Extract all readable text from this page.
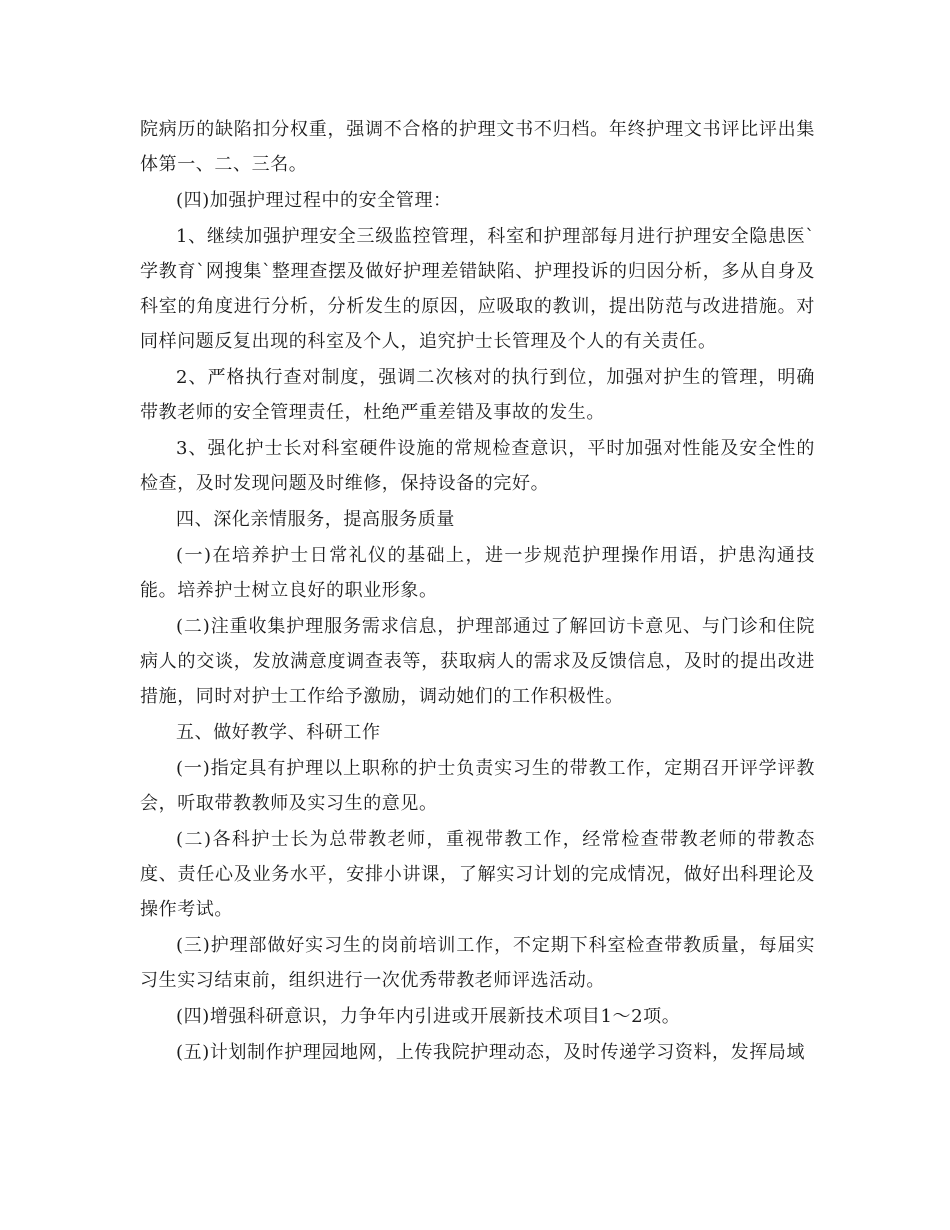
院病历的缺陷扣分权重，强调不合格的护理文书不归档。年终护理文书评比评出集体第一、二、三名。

(四)加强护理过程中的安全管理：

1、继续加强护理安全三级监控管理，科室和护理部每月进行护理安全隐患医`学教育`网搜集`整理查摆及做好护理差错缺陷、护理投诉的归因分析，多从自身及科室的角度进行分析，分析发生的原因，应吸取的教训，提出防范与改进措施。对同样问题反复出现的科室及个人，追究护士长管理及个人的有关责任。

2、严格执行查对制度，强调二次核对的执行到位，加强对护生的管理，明确带教老师的安全管理责任，杜绝严重差错及事故的发生。

3、强化护士长对科室硬件设施的常规检查意识，平时加强对性能及安全性的检查，及时发现问题及时维修，保持设备的完好。

四、深化亲情服务，提高服务质量

(一)在培养护士日常礼仪的基础上，进一步规范护理操作用语，护患沟通技能。培养护士树立良好的职业形象。

(二)注重收集护理服务需求信息，护理部通过了解回访卡意见、与门诊和住院病人的交谈，发放满意度调查表等，获取病人的需求及反馈信息，及时的提出改进措施，同时对护士工作给予激励，调动她们的工作积极性。

五、做好教学、科研工作

(一)指定具有护理以上职称的护士负责实习生的带教工作，定期召开评学评教会，听取带教教师及实习生的意见。

(二)各科护士长为总带教老师，重视带教工作，经常检查带教老师的带教态度、责任心及业务水平，安排小讲课，了解实习计划的完成情况，做好出科理论及操作考试。

(三)护理部做好实习生的岗前培训工作，不定期下科室检查带教质量，每届实习生实习结束前，组织进行一次优秀带教老师评选活动。

(四)增强科研意识，力争年内引进或开展新技术项目1～2项。

(五)计划制作护理园地网，上传我院护理动态，及时传递学习资料，发挥局域
